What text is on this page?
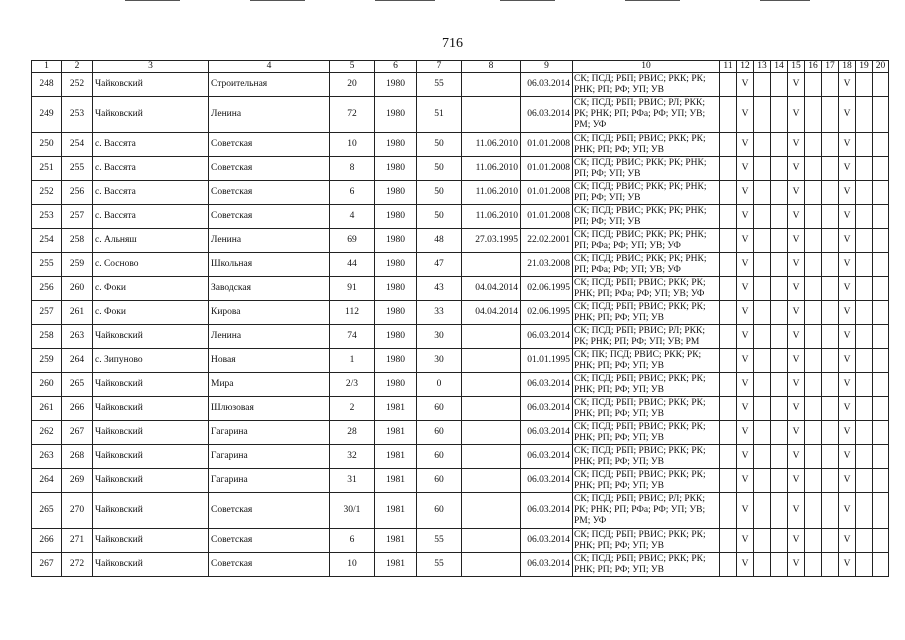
716
1	2	3	4	5	6	7	8	9	10	11	12	13	14	15	16	17	18	19	20
248	252	Чайковский	Строительная	20	1980	55		06.03.2014	СК; ПСД; РБП; РВИС; РКК; РК; РНК; РП; РФ; УП; УВ		V			V			V		
249	253	Чайковский	Ленина	72	1980	51		06.03.2014	СК; ПСД; РБП; РВИС; РЛ; РКК; РК; РНК; РП; РФа; РФ; УП; УВ; РМ; УФ		V			V			V		
250	254	с. Вассята	Советская	10	1980	50	11.06.2010	01.01.2008	СК; ПСД; РБП; РВИС; РКК; РК; РНК; РП; РФ; УП; УВ		V			V			V		
251	255	с. Вассята	Советская	8	1980	50	11.06.2010	01.01.2008	СК; ПСД; РВИС; РКК; РК; РНК; РП; РФ; УП; УВ		V			V			V		
252	256	с. Вассята	Советская	6	1980	50	11.06.2010	01.01.2008	СК; ПСД; РВИС; РКК; РК; РНК; РП; РФ; УП; УВ		V			V			V		
253	257	с. Вассята	Советская	4	1980	50	11.06.2010	01.01.2008	СК; ПСД; РВИС; РКК; РК; РНК; РП; РФ; УП; УВ		V			V			V		
254	258	с. Альняш	Ленина	69	1980	48	27.03.1995	22.02.2001	СК; ПСД; РВИС; РКК; РК; РНК; РП; РФа; РФ; УП; УВ; УФ		V			V			V		
255	259	с. Сосново	Школьная	44	1980	47		21.03.2008	СК; ПСД; РВИС; РКК; РК; РНК; РП; РФа; РФ; УП; УВ; УФ		V			V			V		
256	260	с. Фоки	Заводская	91	1980	43	04.04.2014	02.06.1995	СК; ПСД; РБП; РВИС; РКК; РК; РНК; РП; РФа; РФ; УП; УВ; УФ		V			V			V		
257	261	с. Фоки	Кирова	112	1980	33	04.04.2014	02.06.1995	СК; ПСД; РБП; РВИС; РКК; РК; РНК; РП; РФ; УП; УВ		V			V			V		
258	263	Чайковский	Ленина	74	1980	30		06.03.2014	СК; ПСД; РБП; РВИС; РЛ; РКК; РК; РНК; РП; РФ; УП; УВ; РМ		V			V			V		
259	264	с. Зипуново	Новая	1	1980	30		01.01.1995	СК; ПК; ПСД; РВИС; РКК; РК; РНК; РП; РФ; УП; УВ		V			V			V		
260	265	Чайковский	Мира	2/3	1980	0		06.03.2014	СК; ПСД; РБП; РВИС; РКК; РК; РНК; РП; РФ; УП; УВ		V			V			V		
261	266	Чайковский	Шлюзовая	2	1981	60		06.03.2014	СК; ПСД; РБП; РВИС; РКК; РК; РНК; РП; РФ; УП; УВ		V			V			V		
262	267	Чайковский	Гагарина	28	1981	60		06.03.2014	СК; ПСД; РБП; РВИС; РКК; РК; РНК; РП; РФ; УП; УВ		V			V			V		
263	268	Чайковский	Гагарина	32	1981	60		06.03.2014	СК; ПСД; РБП; РВИС; РКК; РК; РНК; РП; РФ; УП; УВ		V			V			V		
264	269	Чайковский	Гагарина	31	1981	60		06.03.2014	СК; ПСД; РБП; РВИС; РКК; РК; РНК; РП; РФ; УП; УВ		V			V			V		
265	270	Чайковский	Советская	30/1	1981	60		06.03.2014	СК; ПСД; РБП; РВИС; РЛ; РКК; РК; РНК; РП; РФа; РФ; УП; УВ; РМ; УФ		V			V			V		
266	271	Чайковский	Советская	6	1981	55		06.03.2014	СК; ПСД; РБП; РВИС; РКК; РК; РНК; РП; РФ; УП; УВ		V			V			V		
267	272	Чайковский	Советская	10	1981	55		06.03.2014	СК; ПСД; РБП; РВИС; РКК; РК; РНК; РП; РФ; УП; УВ		V			V			V		
